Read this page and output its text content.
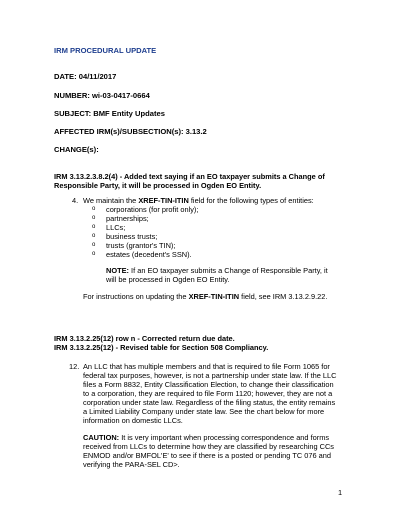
IRM PROCEDURAL UPDATE
DATE: 04/11/2017
NUMBER: wi-03-0417-0664
SUBJECT: BMF Entity Updates
AFFECTED IRM(s)/SUBSECTION(s): 3.13.2
CHANGE(s):
IRM 3.13.2.3.8.2(4) - Added text saying if an EO taxpayer submits a Change of
Responsible Party, it will be processed in Ogden EO Entity.
4. We maintain the XREF-TIN-ITIN field for the following types of entities:
o corporations (for profit only);
o partnerships;
o LLCs;
o business trusts;
o trusts (grantor's TIN);
o estates (decedent's SSN).
NOTE: If an EO taxpayer submits a Change of Responsible Party, it
will be processed in Ogden EO Entity.
For instructions on updating the XREF-TIN-ITIN field, see IRM 3.13.2.9.22.
IRM 3.13.2.25(12) row n - Corrected return due date.
IRM 3.13.2.25(12) - Revised table for Section 508 Compliancy.
12. An LLC that has multiple members and that is required to file Form 1065 for
federal tax purposes, however, is not a partnership under state law. If the LLC
files a Form 8832, Entity Classification Election, to change their classification
to a corporation, they are required to file Form 1120; however, they are not a
corporation under state law. Regardless of the filing status, the entity remains
a Limited Liability Company under state law. See the chart below for more
information on domestic LLCs.
CAUTION: It is very important when processing correspondence and forms
received from LLCs to determine how they are classified by researching CCs
ENMOD and/or BMFOL'E' to see if there is a posted or pending TC 076 and
verifying the PARA-SEL CD>.
1
